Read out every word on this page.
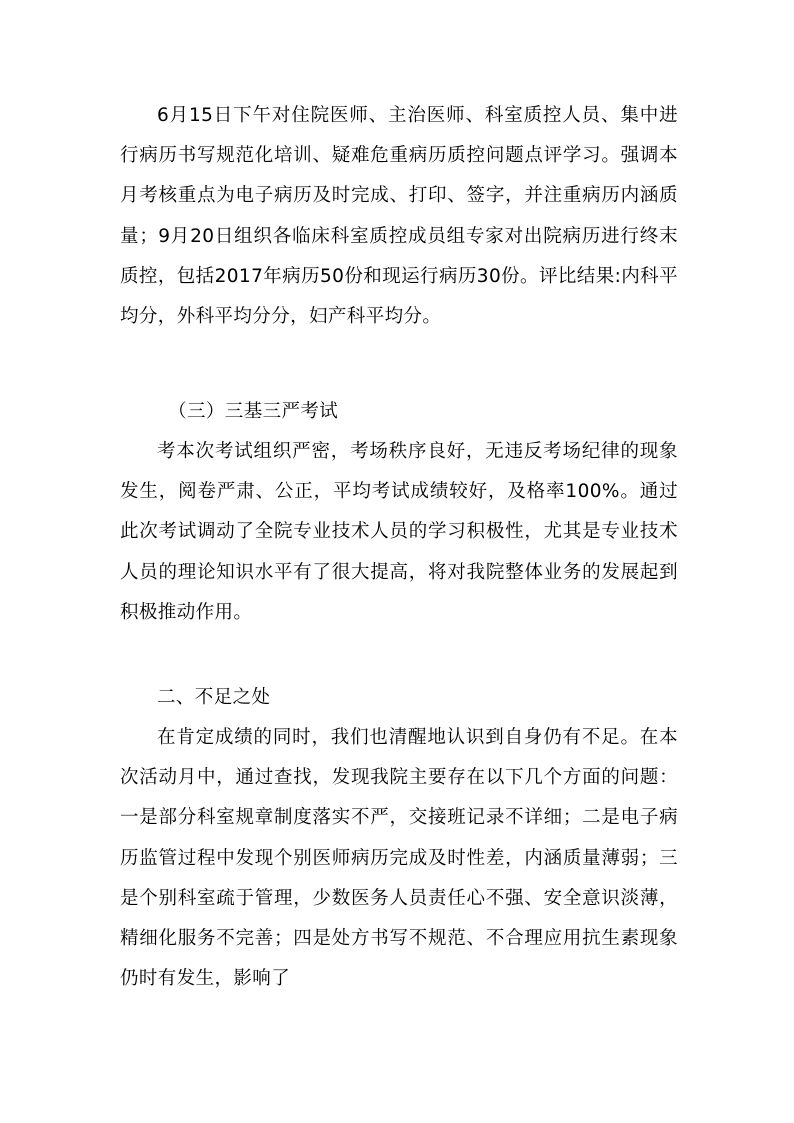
6月15日下午对住院医师、主治医师、科室质控人员、集中进行病历书写规范化培训、疑难危重病历质控问题点评学习。强调本月考核重点为电子病历及时完成、打印、签字，并注重病历内涵质量；9月20日组织各临床科室质控成员组专家对出院病历进行终末质控，包括2017年病历50份和现运行病历30份。评比结果:内科平均分，外科平均分分，妇产科平均分。

（三）三基三严考试

考本次考试组织严密，考场秩序良好，无违反考场纪律的现象发生，阅卷严肃、公正，平均考试成绩较好，及格率100%。通过此次考试调动了全院专业技术人员的学习积极性，尤其是专业技术人员的理论知识水平有了很大提高，将对我院整体业务的发展起到积极推动作用。

二、不足之处

在肯定成绩的同时，我们也清醒地认识到自身仍有不足。在本次活动月中，通过查找，发现我院主要存在以下几个方面的问题：一是部分科室规章制度落实不严，交接班记录不详细；二是电子病历监管过程中发现个别医师病历完成及时性差，内涵质量薄弱；三是个别科室疏于管理，少数医务人员责任心不强、安全意识淡薄，精细化服务不完善；四是处方书写不规范、不合理应用抗生素现象仍时有发生，影响了
